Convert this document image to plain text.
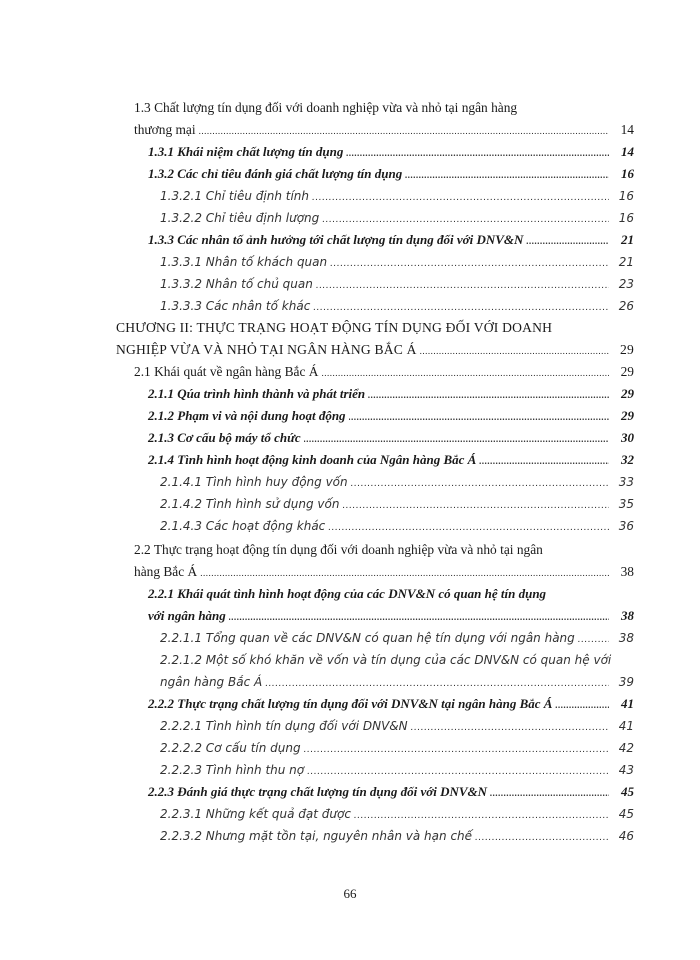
1.3 Chất lượng tín dụng đối với doanh nghiệp vừa và nhỏ tại ngân hàng
thương mại .....	14
1.3.1 Khái niệm chất lượng tín dụng .....	14
1.3.2 Các chỉ tiêu đánh giá chất lượng tín dụng .....	16
1.3.2.1 Chỉ tiêu định tính .....	16
1.3.2.2 Chỉ tiêu định lượng .....	16
1.3.3 Các nhân tố ảnh hưởng tới chất lượng tín dụng đối với DNV&N .....	21
1.3.3.1 Nhân tố khách quan .....	21
1.3.3.2 Nhân tố chủ quan .....	23
1.3.3.3 Các nhân tố khác .....	26
CHƯƠNG II: THỰC TRẠNG HOẠT ĐỘNG TÍN DỤNG ĐỐI VỚI DOANH
NGHIỆP VỪA VÀ NHỎ TẠI NGÂN HÀNG BẮC Á .....	29
2.1 Khái quát về ngân hàng Bắc Á .....	29
2.1.1 Qúa trình hình thành và phát triển .....	29
2.1.2 Phạm vi và nội dung hoạt động .....	29
2.1.3 Cơ cấu bộ máy tổ chức .....	30
2.1.4 Tình hình hoạt động kinh doanh của Ngân hàng Bắc Á .....	32
2.1.4.1 Tình hình huy động vốn .....	33
2.1.4.2 Tình hình sử dụng vốn .....	35
2.1.4.3 Các hoạt động khác .....	36
2.2 Thực trạng hoạt động tín dụng đối với doanh nghiệp vừa và nhỏ tại ngân
hàng Bắc Á .....	38
2.2.1 Khái quát tình hình hoạt động của các DNV&N có quan hệ tín dụng
với ngân hàng .....	38
2.2.1.1 Tổng quan về các DNV&N có quan hệ tín dụng với ngân hàng .....	38
2.2.1.2 Một số khó khăn về vốn và tín dụng của các DNV&N có quan hệ với
ngân hàng Bắc Á .....	39
2.2.2 Thực trạng chất lượng tín dụng đối với DNV&N tại ngân hàng Bắc Á .....	41
2.2.2.1 Tình hình tín dụng đối với DNV&N .....	41
2.2.2.2 Cơ cấu tín dụng .....	42
2.2.2.3 Tình hình thu nợ .....	43
2.2.3 Đánh giá thực trạng chất lượng tín dụng đối với DNV&N .....	45
2.2.3.1 Những kết quả đạt được .....	45
2.2.3.2 Nhưng mặt tồn tại, nguyên nhân và hạn chế .....	46
66
